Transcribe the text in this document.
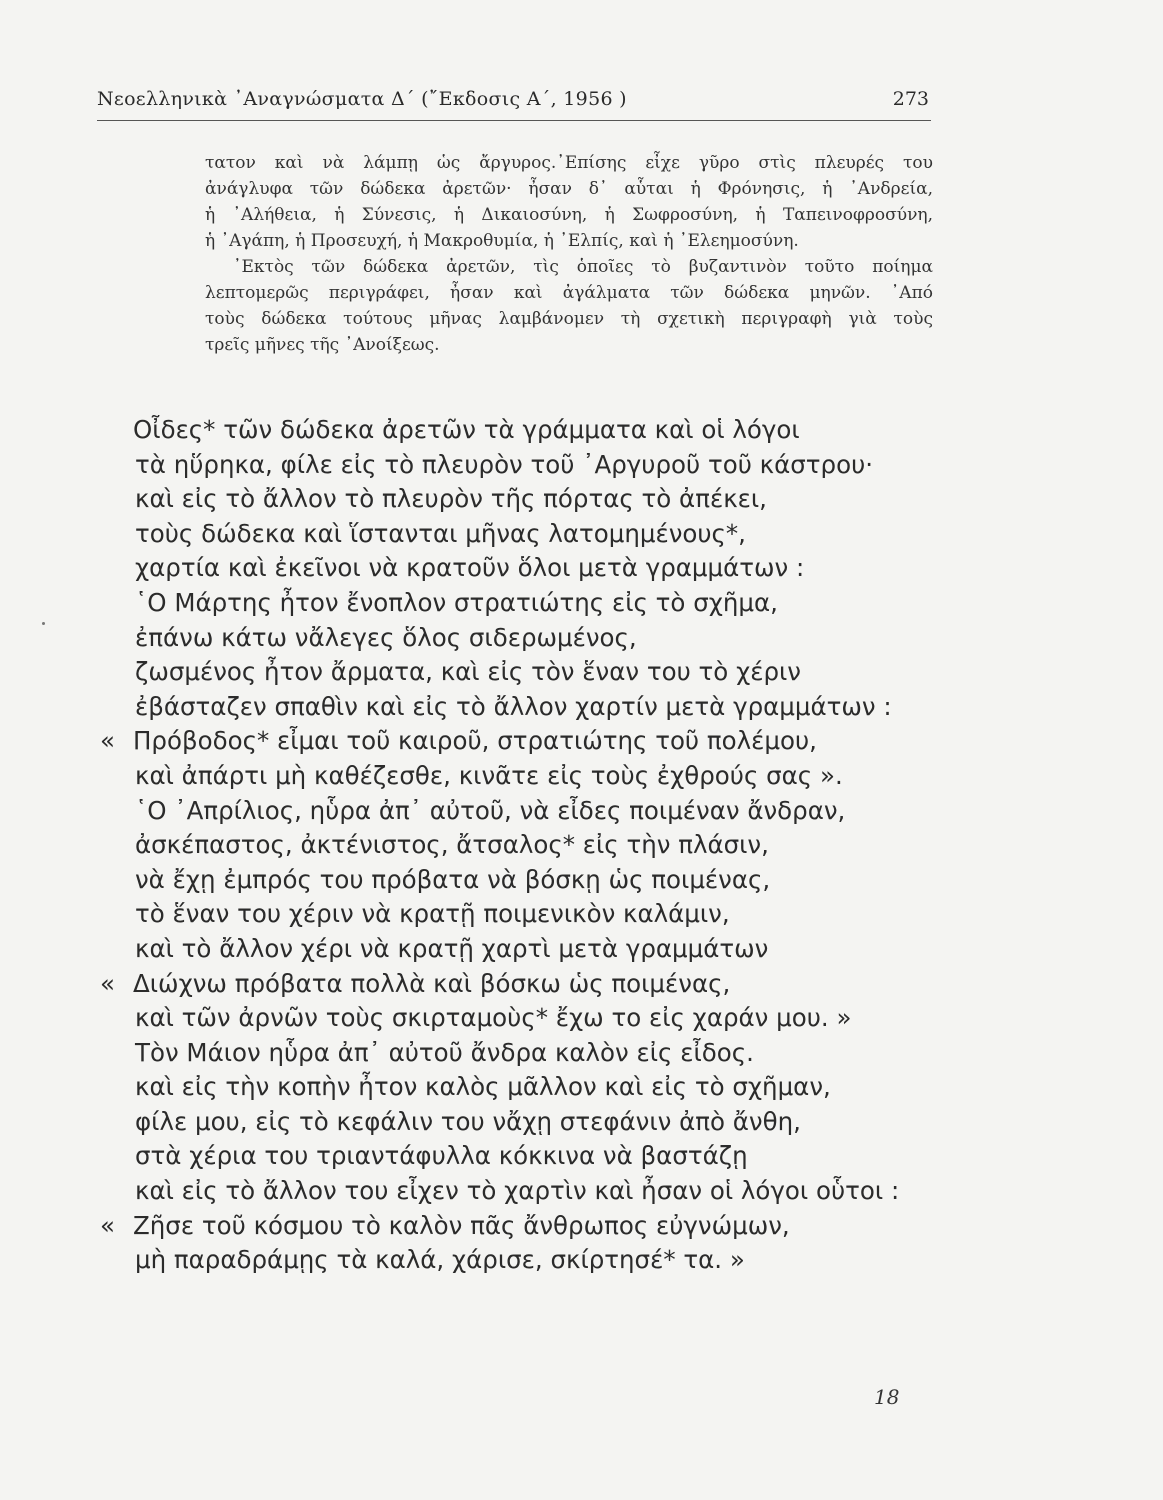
Νεοελληνικὰ ᾿Αναγνώσματα Δ΄ (῎Εκδοσις Α΄, 1956 )	273
τατον καὶ νὰ λάμπῃ ὡς ἄργυρος.᾿Επίσης εἶχε γῦρο στὶς πλευρές του
ἀνάγλυφα τῶν δώδεκα ἀρετῶν· ἦσαν δ᾿ αὗται ἡ Φρόνησις, ἡ ᾿Ανδρεία,
ἡ ᾿Αλήθεια, ἡ Σύνεσις, ἡ Δικαιοσύνη, ἡ Σωφροσύνη, ἡ Ταπεινοφροσύνη,
ἡ ᾿Αγάπη, ἡ Προσευχή, ἡ Μακροθυμία, ἡ ᾿Ελπίς, καὶ ἡ ᾿Ελεημοσύνη.
᾿Εκτὸς τῶν δώδεκα ἀρετῶν, τὶς ὁποῖες τὸ βυζαντινὸν τοῦτο ποίημα
λεπτομερῶς περιγράφει, ἦσαν καὶ ἀγάλματα τῶν δώδεκα μηνῶν. ᾿Από
τοὺς δώδεκα τούτους μῆνας λαμβάνομεν τὴ σχετικὴ περιγραφὴ γιὰ τοὺς
τρεῖς μῆνες τῆς ᾿Ανοίξεως.
Οἶδες* τῶν δώδεκα ἀρετῶν τὰ γράμματα καὶ οἱ λόγοι
τὰ ηὕρηκα, φίλε εἰς τὸ πλευρὸν τοῦ ᾿Αργυροῦ τοῦ κάστρου·
καὶ εἰς τὸ ἄλλον τὸ πλευρὸν τῆς πόρτας τὸ ἀπέκει,
τοὺς δώδεκα καὶ ἵστανται μῆνας λατομημένους*,
χαρτία καὶ ἐκεῖνοι νὰ κρατοῦν ὅλοι μετὰ γραμμάτων :
῾Ο Μάρτης ἦτον ἔνοπλον στρατιώτης εἰς τὸ σχῆμα,
ἐπάνω κάτω νἄλεγες ὅλος σιδερωμένος,
ζωσμένος ἦτον ἄρματα, καὶ εἰς τὸν ἕναν του τὸ χέριν
ἐβάσταζεν σπαθὶν καὶ εἰς τὸ ἄλλον χαρτίν μετὰ γραμμάτων :
« Πρόβοδος* εἶμαι τοῦ καιροῦ, στρατιώτης τοῦ πολέμου,
καὶ ἀπάρτι μὴ καθέζεσθε, κινᾶτε εἰς τοὺς ἐχθρούς σας ».
῾Ο ᾿Απρίλιος, ηὗρα ἀπ᾿ αὐτοῦ, νὰ εἶδες ποιμέναν ἄνδραν,
ἀσκέπαστος, ἀκτένιστος, ἄτσαλος* εἰς τὴν πλάσιν,
νὰ ἔχῃ ἐμπρός του πρόβατα νὰ βόσκῃ ὡς ποιμένας,
τὸ ἕναν του χέριν νὰ κρατῇ ποιμενικὸν καλάμιν,
καὶ τὸ ἄλλον χέρι νὰ κρατῇ χαρτὶ μετὰ γραμμάτων
« Διώχνω πρόβατα πολλὰ καὶ βόσκω ὡς ποιμένας,
καὶ τῶν ἀρνῶν τοὺς σκιρταμοὺς* ἔχω το εἰς χαράν μου. »
Τὸν Μάιον ηὗρα ἀπ᾿ αὐτοῦ ἄνδρα καλὸν εἰς εἶδος.
καὶ εἰς τὴν κοπὴν ἦτον καλὸς μᾶλλον καὶ εἰς τὸ σχῆμαν,
φίλε μου, εἰς τὸ κεφάλιν του νἄχῃ στεφάνιν ἀπὸ ἄνθη,
στὰ χέρια του τριαντάφυλλα κόκκινα νὰ βαστάζῃ
καὶ εἰς τὸ ἄλλον του εἶχεν τὸ χαρτὶν καὶ ἦσαν οἱ λόγοι οὗτοι :
« Ζῆσε τοῦ κόσμου τὸ καλὸν πᾶς ἄνθρωπος εὐγνώμων,
μὴ παραδράμῃς τὰ καλά, χάρισε, σκίρτησέ* τα. »
18
